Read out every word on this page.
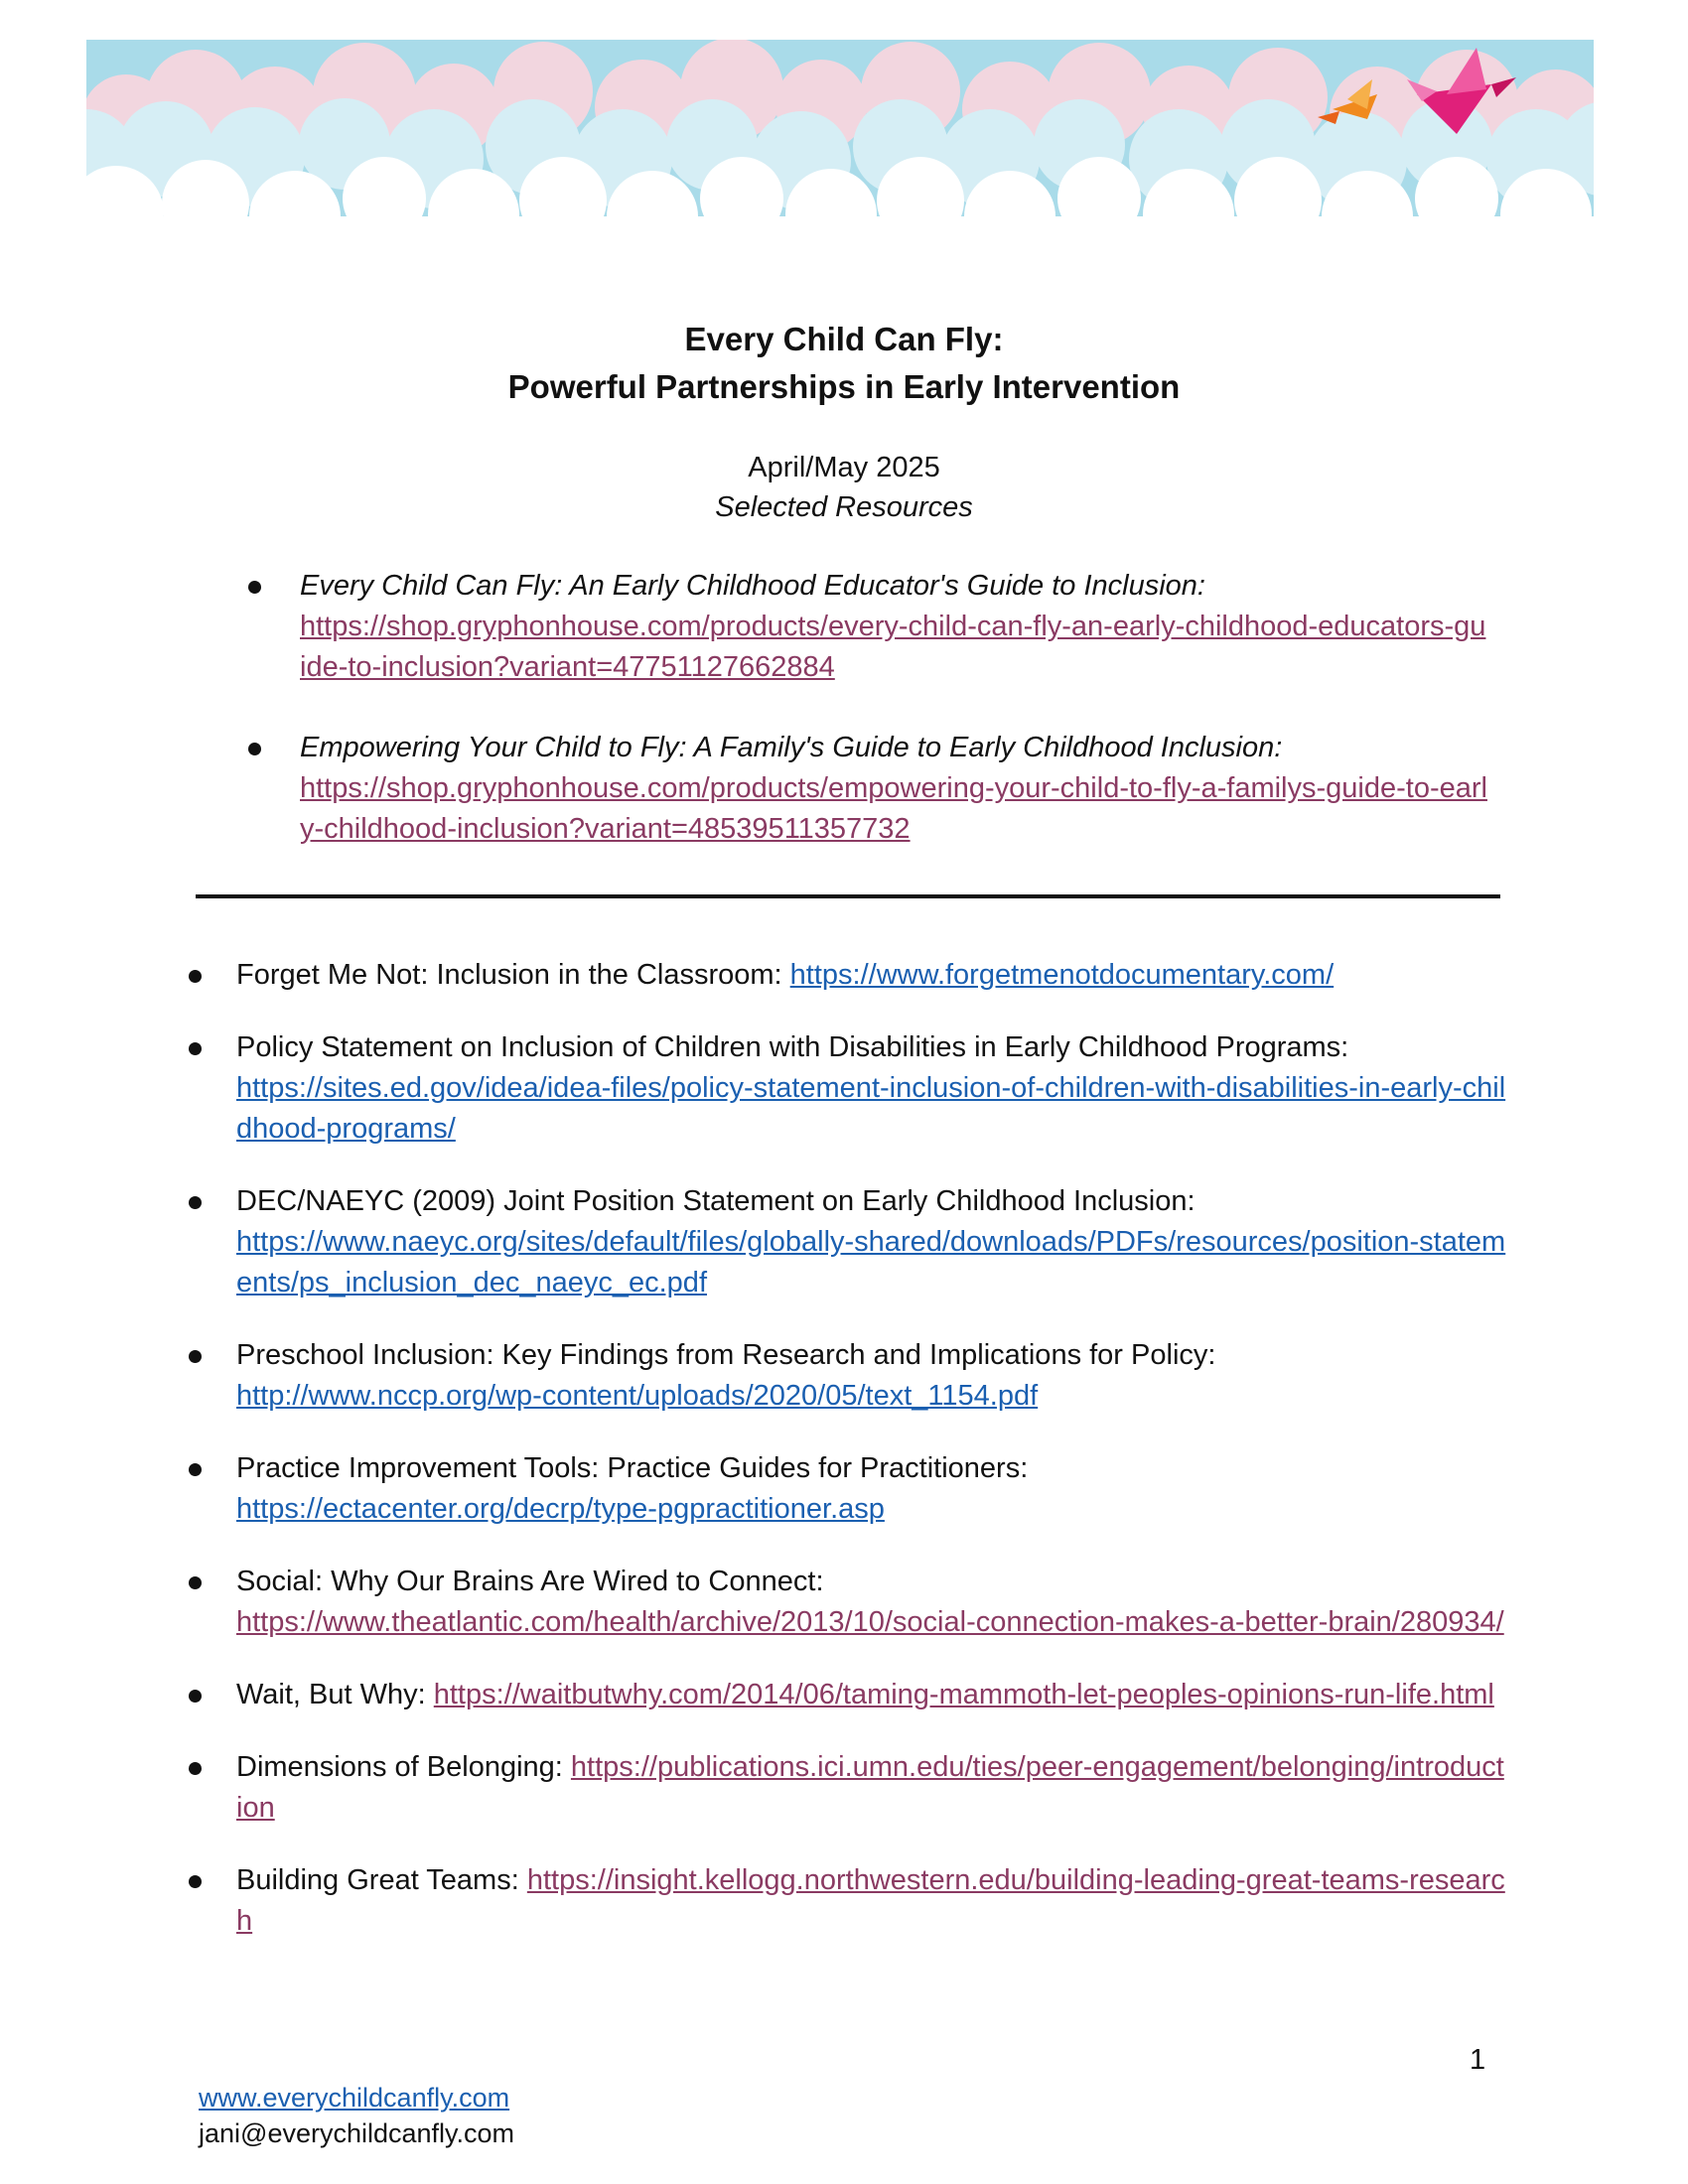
Every Child Can Fly:
Powerful Partnerships in Early Intervention
April/May 2025
Selected Resources
Every Child Can Fly: An Early Childhood Educator's Guide to Inclusion:
https://shop.gryphonhouse.com/products/every-child-can-fly-an-early-childhood-educators-guide-to-inclusion?variant=47751127662884
Empowering Your Child to Fly: A Family's Guide to Early Childhood Inclusion:
https://shop.gryphonhouse.com/products/empowering-your-child-to-fly-a-familys-guide-to-early-childhood-inclusion?variant=48539511357732
Forget Me Not: Inclusion in the Classroom: https://www.forgetmenotdocumentary.com/
Policy Statement on Inclusion of Children with Disabilities in Early Childhood Programs:
https://sites.ed.gov/idea/idea-files/policy-statement-inclusion-of-children-with-disabilities-in-early-childhood-programs/
DEC/NAEYC (2009) Joint Position Statement on Early Childhood Inclusion:
https://www.naeyc.org/sites/default/files/globally-shared/downloads/PDFs/resources/position-statements/ps_inclusion_dec_naeyc_ec.pdf
Preschool Inclusion: Key Findings from Research and Implications for Policy:
http://www.nccp.org/wp-content/uploads/2020/05/text_1154.pdf
Practice Improvement Tools: Practice Guides for Practitioners:
https://ectacenter.org/decrp/type-pgpractitioner.asp
Social: Why Our Brains Are Wired to Connect:
https://www.theatlantic.com/health/archive/2013/10/social-connection-makes-a-better-brain/280934/
Wait, But Why: https://waitbutwhy.com/2014/06/taming-mammoth-let-peoples-opinions-run-life.html
Dimensions of Belonging: https://publications.ici.umn.edu/ties/peer-engagement/belonging/introduction
Building Great Teams: https://insight.kellogg.northwestern.edu/building-leading-great-teams-research
1
www.everychildcanfly.com
jani@everychildcanfly.com
